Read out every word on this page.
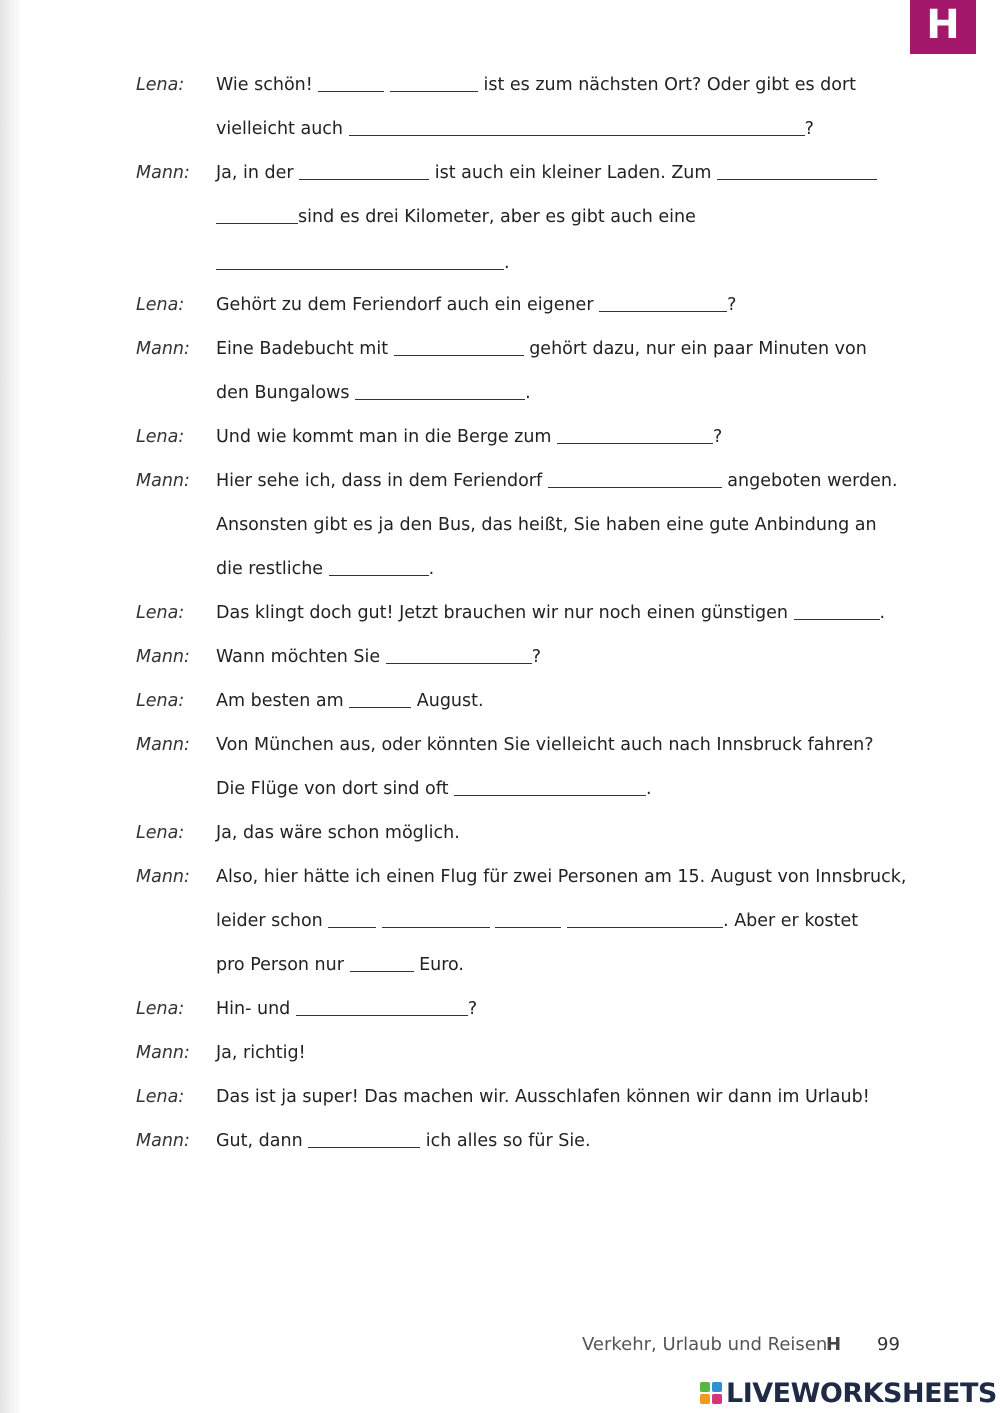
H
Lena: Wie schön!	ist es zum nächsten Ort? Oder gibt es dort
vielleicht auch	?
Mann: Ja, in der	ist auch ein kleiner Laden. Zum
sind es drei Kilometer, aber es gibt auch eine
.
Lena: Gehört zu dem Feriendorf auch ein eigener	?
Mann: Eine Badebucht mit	gehört dazu, nur ein paar Minuten von
den Bungalows	.
Lena: Und wie kommt man in die Berge zum	?
Mann: Hier sehe ich, dass in dem Feriendorf	angeboten werden.
Ansonsten gibt es ja den Bus, das heißt, Sie haben eine gute Anbindung an
die restliche	.
Lena: Das klingt doch gut! Jetzt brauchen wir nur noch einen günstigen	.
Mann: Wann möchten Sie	?
Lena: Am besten am	August.
Mann: Von München aus, oder könnten Sie vielleicht auch nach Innsbruck fahren?
Die Flüge von dort sind oft	.
Lena: Ja, das wäre schon möglich.
Mann: Also, hier hätte ich einen Flug für zwei Personen am 15. August von Innsbruck,
leider schon	. Aber er kostet
pro Person nur	Euro.
Lena: Hin- und	?
Mann: Ja, richtig!
Lena: Das ist ja super! Das machen wir. Ausschlafen können wir dann im Urlaub!
Mann: Gut, dann	ich alles so für Sie.
Verkehr, Urlaub und Reisen
H 99
LIVEWORKSHEETS
